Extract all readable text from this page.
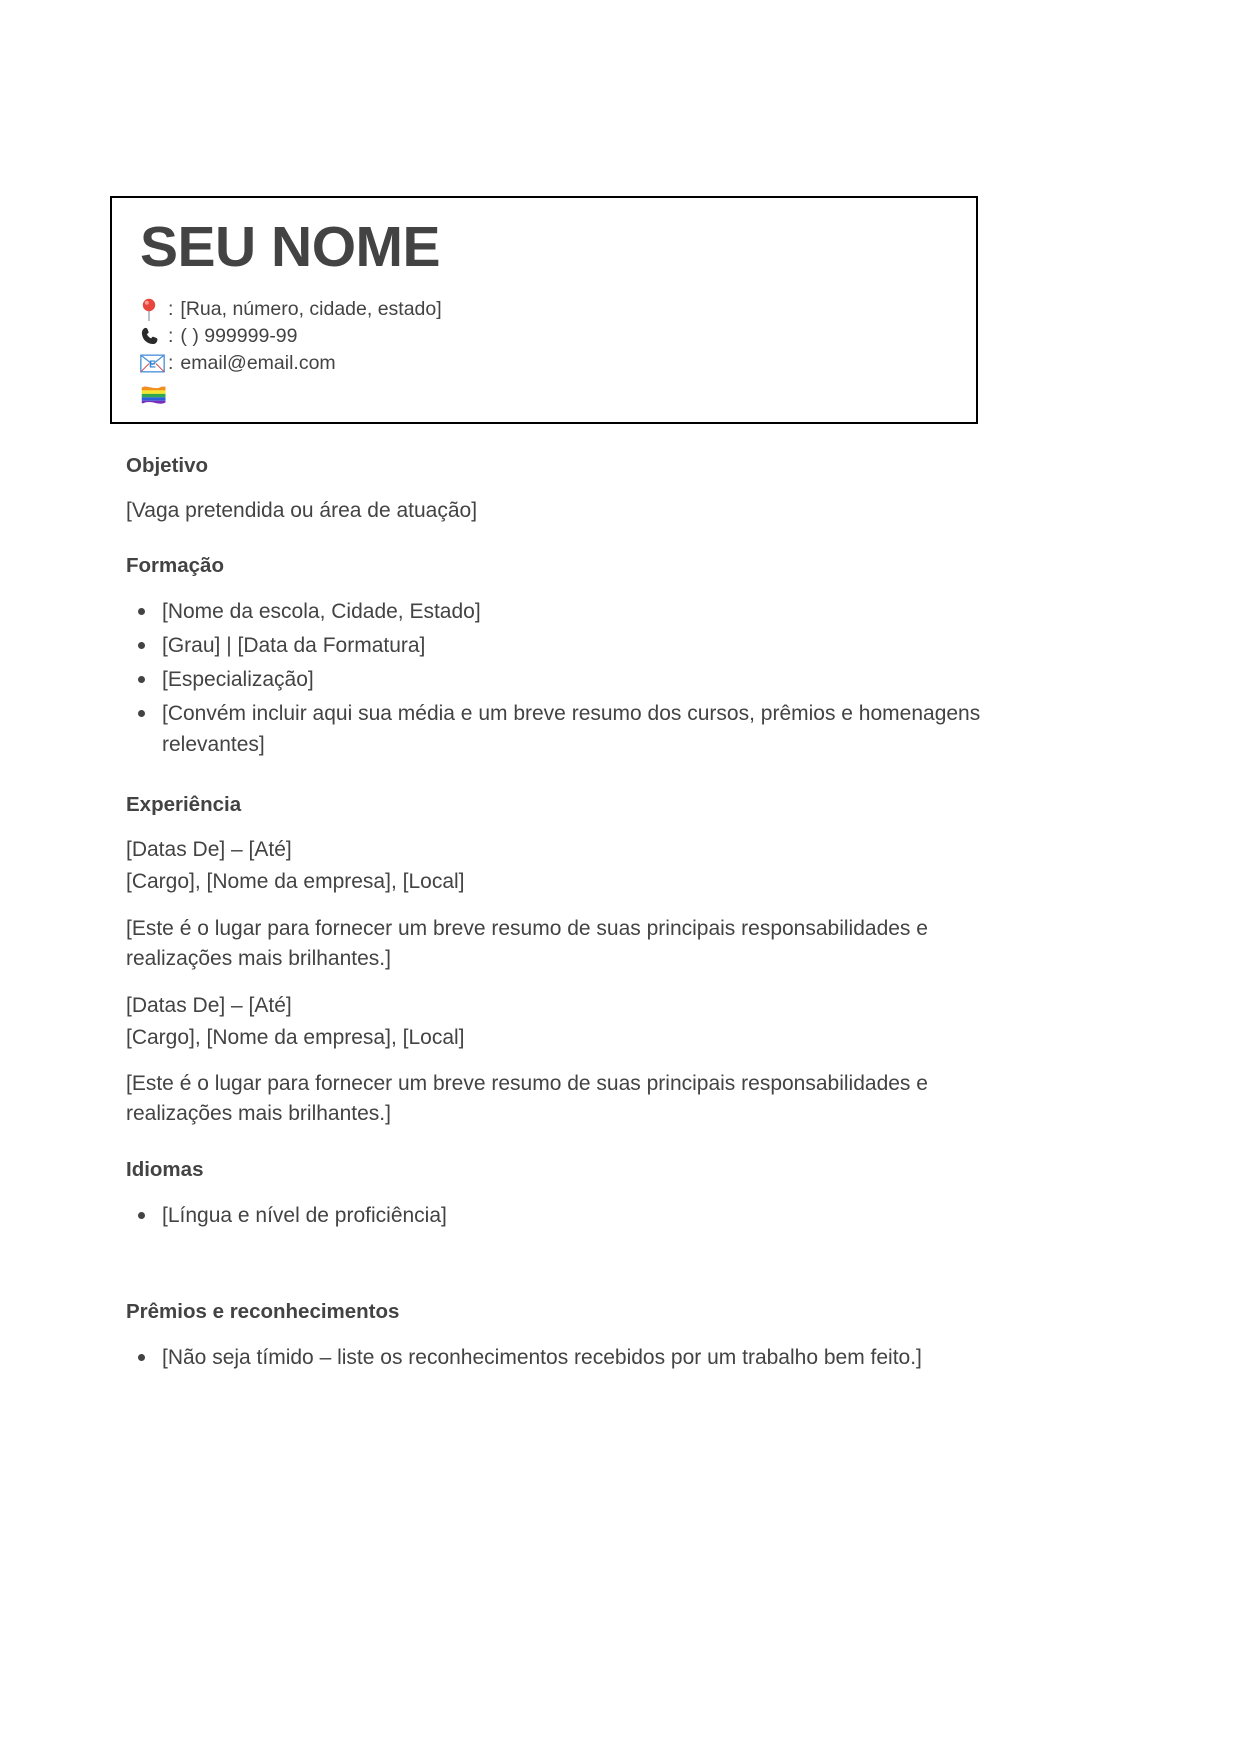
SEU NOME
: [Rua, número, cidade, estado]
: ( ) 999999-99
E : email@email.com
Objetivo

[Vaga pretendida ou área de atuação]

Formação
[Nome da escola, Cidade, Estado]
[Grau] | [Data da Formatura]
[Especialização]
[Convém incluir aqui sua média e um breve resumo dos cursos, prêmios e homenagens relevantes]
Experiência
[Datas De] – [Até]
[Cargo], [Nome da empresa], [Local]

[Este é o lugar para fornecer um breve resumo de suas principais responsabilidades e realizações mais brilhantes.]

[Datas De] – [Até]
[Cargo], [Nome da empresa], [Local]

[Este é o lugar para fornecer um breve resumo de suas principais responsabilidades e realizações mais brilhantes.]

Idiomas
[Língua e nível de proficiência]
Prêmios e reconhecimentos
[Não seja tímido – liste os reconhecimentos recebidos por um trabalho bem feito.]
